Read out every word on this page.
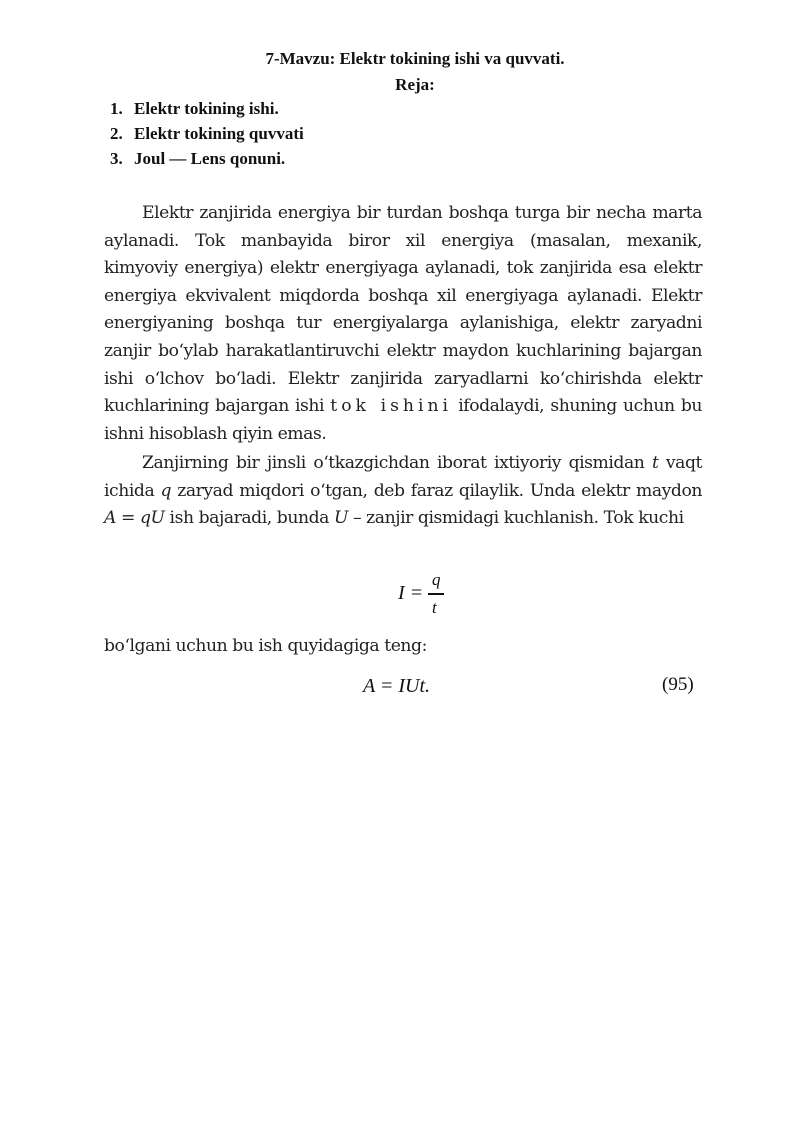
7-Mavzu: Elektr tokining ishi va quvvati.
Reja:
1. Elektr tokining ishi.
2. Elektr tokining quvvati
3. Joul — Lens qonuni.

Elektr zanjirida energiya bir turdan boshqa turga bir necha marta aylanadi. Tok manbayida biror xil energiya (masalan, mexanik, kimyoviy energiya) elektr energiyaga aylanadi, tok zanjirida esa elektr energiya ekvivalent miqdorda boshqa xil energiyaga aylanadi. Elektr energiyaning boshqa tur energiyalarga aylanishiga, elektr zaryadni zanjir bo‘ylab harakatlantiruvchi elektr maydon kuchlarining bajargan ishi o‘lchov bo‘ladi. Elektr zanjirida zaryadlarni ko‘chirishda elektr kuchlarining bajargan ishi tok ishini ifodalaydi, shuning uchun bu ishni hisoblash qiyin emas.

Zanjirning bir jinsli o‘tkazgichdan iborat ixtiyoriy qismidan t vaqt ichida q zaryad miqdori o‘tgan, deb faraz qilaylik. Unda elektr maydon A = qU ish bajaradi, bunda U – zanjir qismidagi kuchlanish. Tok kuchi

I =
q
t
bo‘lgani uchun bu ish quyidagiga teng:
A = IUt.	(95)
